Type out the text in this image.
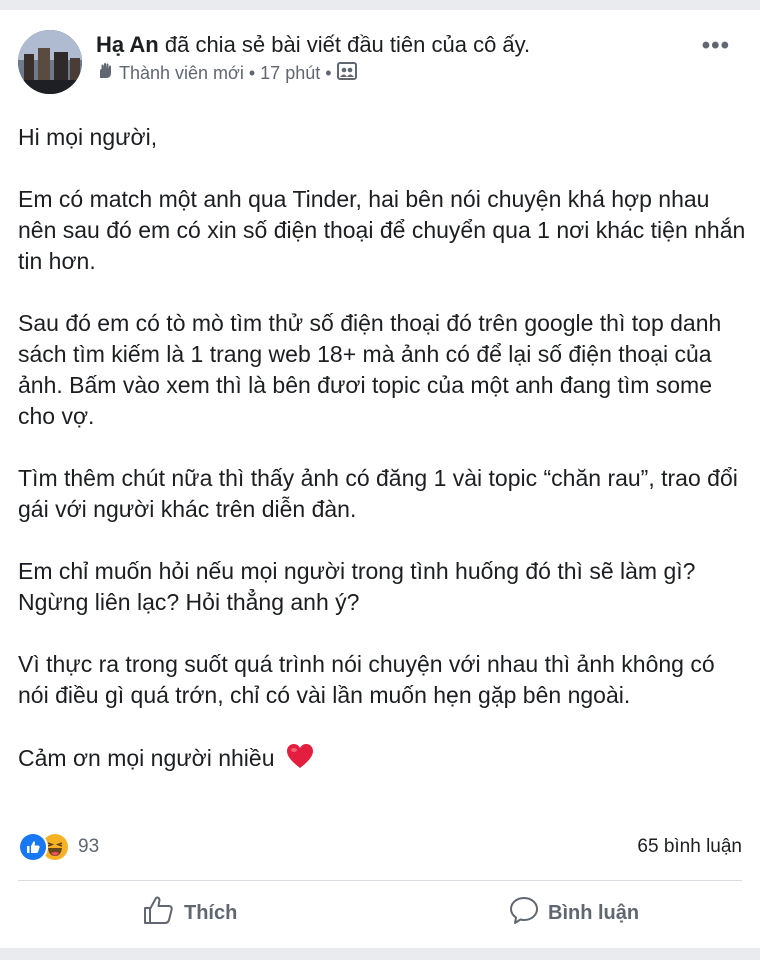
Hạ An đã chia sẻ bài viết đầu tiên của cô ấy.
Thành viên mới • 17 phút •
•••

Hi mọi người,

Em có match một anh qua Tinder, hai bên nói chuyện khá hợp nhau nên sau đó em có xin số điện thoại để chuyển qua 1 nơi khác tiện nhắn tin hơn.

Sau đó em có tò mò tìm thử số điện thoại đó trên google thì top danh sách tìm kiếm là 1 trang web 18+ mà ảnh có để lại số điện thoại của ảnh. Bấm vào xem thì là bên đươi topic của một anh đang tìm some cho vợ.

Tìm thêm chút nữa thì thấy ảnh có đăng 1 vài topic “chăn rau”, trao đổi gái với người khác trên diễn đàn.

Em chỉ muốn hỏi nếu mọi người trong tình huống đó thì sẽ làm gì? Ngừng liên lạc? Hỏi thẳng anh ý?

Vì thực ra trong suốt quá trình nói chuyện với nhau thì ảnh không có nói điều gì quá trớn, chỉ có vài lần muốn hẹn gặp bên ngoài.

Cảm ơn mọi người nhiều

93	65 bình luận
Thích	Bình luận
